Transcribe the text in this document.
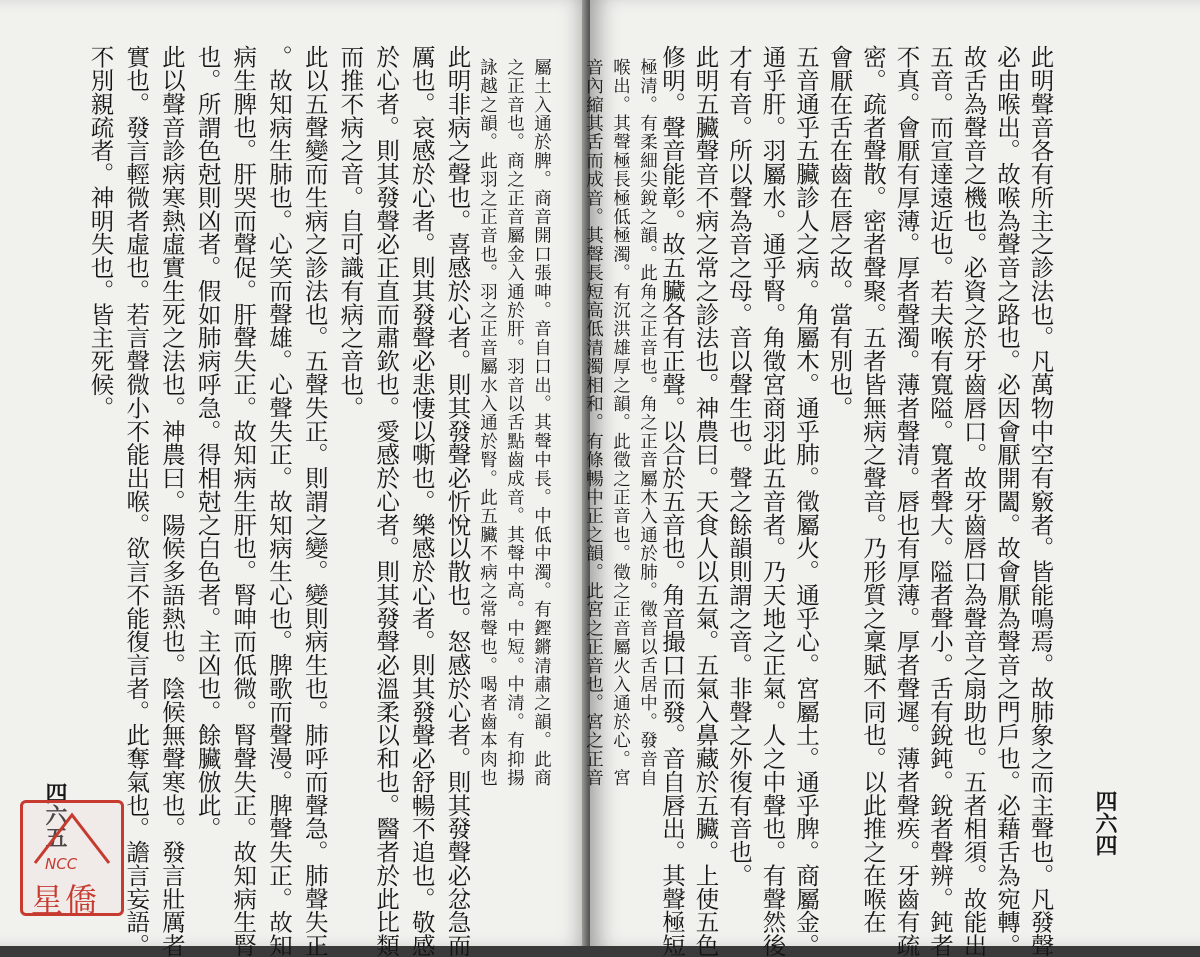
屬土入通於脾。商音開口張呻。音自口出。其聲中長。中低中濁。有鏗鏘清肅之韻。此商
之正音也。商之正音屬金入通於肝。羽音以舌點齒成音。其聲中高。中短。中清。有抑揚
詠越之韻。此羽之正音也。羽之正音屬水入通於腎。此五臟不病之常聲也。喝者齒本肉也
此明非病之聲也。喜感於心者。則其發聲必忻悅以散也。怒感於心者。則其發聲必忿急而
厲也。哀感於心者。則其發聲必悲悽以嘶也。樂感於心者。則其發聲必舒暢不追也。敬感
於心者。則其發聲必正直而肅欽也。愛感於心者。則其發聲必溫柔以和也。醫者於此比類
而推不病之音。自可識有病之音也。
此以五聲變而生病之診法也。五聲失正。則謂之變。變則病生也。肺呼而聲急。肺聲失正
。故知病生肺也。心笑而聲雄。心聲失正。故知病生心也。脾歌而聲漫。脾聲失正。故知
病生脾也。肝哭而聲促。肝聲失正。故知病生肝也。腎呻而低微。腎聲失正。故知病生腎
也。所謂色尅則凶者。假如肺病呼急。得相尅之白色者。主凶也。餘臟倣此。
此以聲音診病寒熱虛實生死之法也。神農曰。陽候多語熱也。陰候無聲寒也。發言壯厲者
實也。發言輕微者虛也。若言聲微小不能出喉。欲言不能復言者。此奪氣也。譫言妄語。
不別親疏者。神明失也。皆主死候。
四六五	此明聲音各有所主之診法也。凡萬物中空有竅者。皆能鳴焉。故肺象之而主聲也。凡發聲
必由喉出。故喉為聲音之路也。必因會厭開闔。故會厭為聲音之門戶也。必藉舌為宛轉。
故舌為聲音之機也。必資之於牙齒唇口。故牙齒唇口為聲音之扇助也。五者相須。故能出
五音。而宣達遠近也。若夫喉有寬隘。寬者聲大。隘者聲小。舌有銳鈍。銳者聲辨。鈍者
不真。會厭有厚薄。厚者聲濁。薄者聲清。唇也有厚薄。厚者聲遲。薄者聲疾。牙齒有疏
密。疏者聲散。密者聲聚。五者皆無病之聲音。乃形質之稟賦不同也。以此推之在喉在
會厭在舌在齒在唇之故。當有別也。
五音通乎五臟診人之病。角屬木。通乎肺。徵屬火。通乎心。宮屬土。通乎脾。商屬金。
通乎肝。羽屬水。通乎腎。角徵宮商羽此五音者。乃天地之正氣。人之中聲也。有聲然後
才有音。所以聲為音之母。音以聲生也。聲之餘韻則謂之音。非聲之外復有音也。
此明五臟聲音不病之常之診法也。神農曰。天食人以五氣。五氣入鼻藏於五臟。上使五色
修明。聲音能彰。故五臟各有正聲。以合於五音也。角音撮口而發。音自唇出。其聲極短
極清。有柔細尖銳之韻。此角之正音也。角之正音屬木入通於肺。徵音以舌居中。發音自
喉出。其聲極長極低極濁。有沉洪雄厚之韻。此徵之正音也。徵之正音屬火入通於心。宮
音內縮其舌而成音。其聲長短高低清濁相和。有條暢中正之韻。此宮之正音也。宮之正音
四六四
NCC
星僑
